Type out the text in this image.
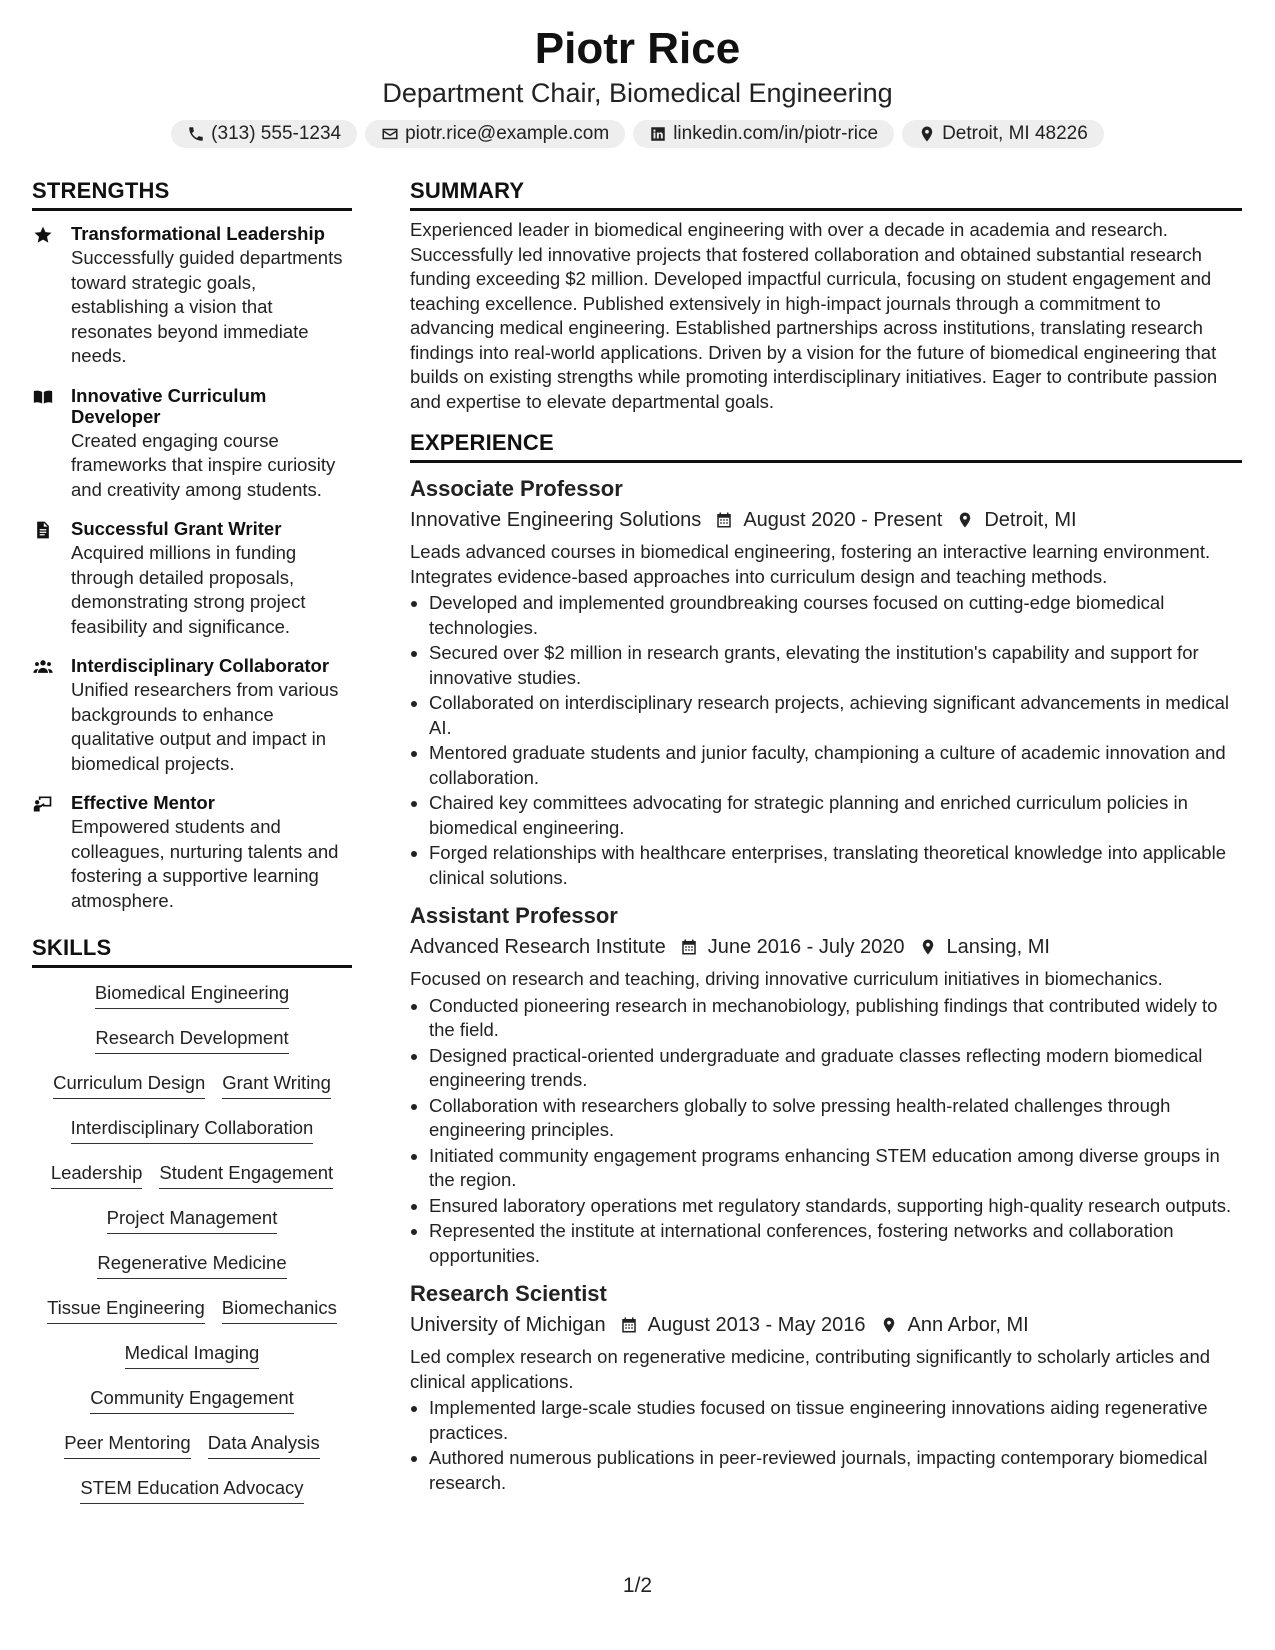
Piotr Rice
Department Chair, Biomedical Engineering
(313) 555-1234	piotr.rice@example.com	linkedin.com/in/piotr-rice	Detroit, MI 48226
STRENGTHS
Transformational Leadership
Successfully guided departments toward strategic goals, establishing a vision that resonates beyond immediate needs.
Innovative Curriculum Developer
Created engaging course frameworks that inspire curiosity and creativity among students.
Successful Grant Writer
Acquired millions in funding through detailed proposals, demonstrating strong project feasibility and significance.
Interdisciplinary Collaborator
Unified researchers from various backgrounds to enhance qualitative output and impact in biomedical projects.
Effective Mentor
Empowered students and colleagues, nurturing talents and fostering a supportive learning atmosphere.
SKILLS
Biomedical Engineering
Research Development
Curriculum Design Grant Writing
Interdisciplinary Collaboration
Leadership Student Engagement
Project Management
Regenerative Medicine
Tissue Engineering Biomechanics
Medical Imaging
Community Engagement
Peer Mentoring Data Analysis
STEM Education Advocacy
SUMMARY
Experienced leader in biomedical engineering with over a decade in academia and research. Successfully led innovative projects that fostered collaboration and obtained substantial research funding exceeding $2 million. Developed impactful curricula, focusing on student engagement and teaching excellence. Published extensively in high-impact journals through a commitment to advancing medical engineering. Established partnerships across institutions, translating research findings into real-world applications. Driven by a vision for the future of biomedical engineering that builds on existing strengths while promoting interdisciplinary initiatives. Eager to contribute passion and expertise to elevate departmental goals.
EXPERIENCE
Associate Professor
Innovative Engineering Solutions August 2020 - Present Detroit, MI
Leads advanced courses in biomedical engineering, fostering an interactive learning environment. Integrates evidence-based approaches into curriculum design and teaching methods.
• Developed and implemented groundbreaking courses focused on cutting-edge biomedical technologies.
• Secured over $2 million in research grants, elevating the institution's capability and support for innovative studies.
• Collaborated on interdisciplinary research projects, achieving significant advancements in medical AI.
• Mentored graduate students and junior faculty, championing a culture of academic innovation and collaboration.
• Chaired key committees advocating for strategic planning and enriched curriculum policies in biomedical engineering.
• Forged relationships with healthcare enterprises, translating theoretical knowledge into applicable clinical solutions.
Assistant Professor
Advanced Research Institute June 2016 - July 2020 Lansing, MI
Focused on research and teaching, driving innovative curriculum initiatives in biomechanics.
• Conducted pioneering research in mechanobiology, publishing findings that contributed widely to the field.
• Designed practical-oriented undergraduate and graduate classes reflecting modern biomedical engineering trends.
• Collaboration with researchers globally to solve pressing health-related challenges through engineering principles.
• Initiated community engagement programs enhancing STEM education among diverse groups in the region.
• Ensured laboratory operations met regulatory standards, supporting high-quality research outputs.
• Represented the institute at international conferences, fostering networks and collaboration opportunities.
Research Scientist
University of Michigan August 2013 - May 2016 Ann Arbor, MI
Led complex research on regenerative medicine, contributing significantly to scholarly articles and clinical applications.
• Implemented large-scale studies focused on tissue engineering innovations aiding regenerative practices.
• Authored numerous publications in peer-reviewed journals, impacting contemporary biomedical research.
1/2
